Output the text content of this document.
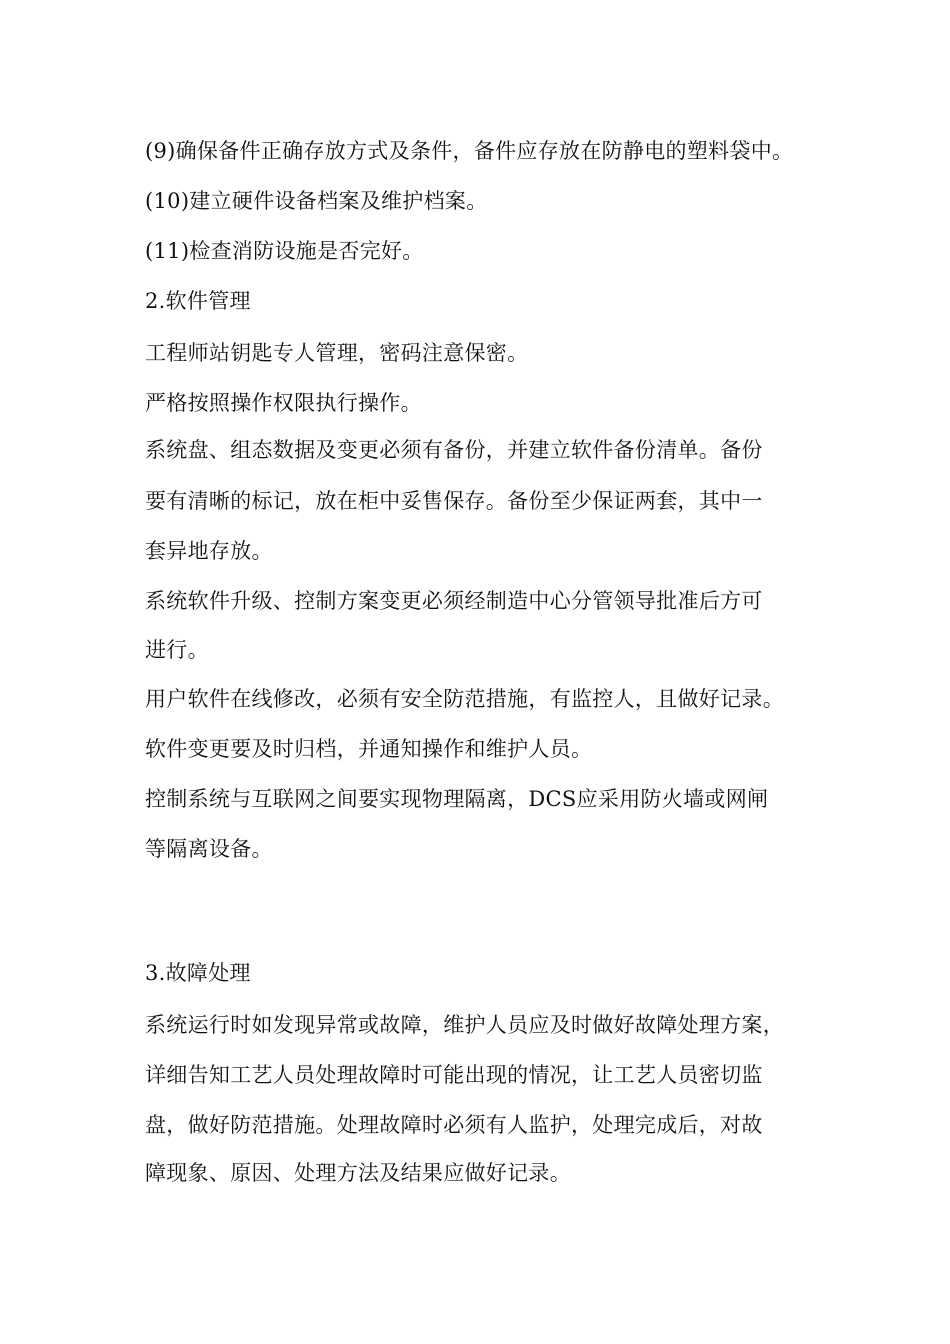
(9)确保备件正确存放方式及条件，备件应存放在防静电的塑料袋中。
(10)建立硬件设备档案及维护档案。
(11)检查消防设施是否完好。
2.软件管理
工程师站钥匙专人管理，密码注意保密。
严格按照操作权限执行操作。
系统盘、组态数据及变更必须有备份，并建立软件备份清单。备份
要有清晰的标记，放在柜中妥售保存。备份至少保证两套，其中一
套异地存放。
系统软件升级、控制方案变更必须经制造中心分管领导批准后方可
进行。
用户软件在线修改，必须有安全防范措施，有监控人，且做好记录。
软件变更要及时归档，并通知操作和维护人员。
控制系统与互联网之间要实现物理隔离，DCS应采用防火墙或网闸
等隔离设备。
3.故障处理
系统运行时如发现异常或故障，维护人员应及时做好故障处理方案，
详细告知工艺人员处理故障时可能出现的情况，让工艺人员密切监
盘，做好防范措施。处理故障时必须有人监护，处理完成后，对故
障现象、原因、处理方法及结果应做好记录。
